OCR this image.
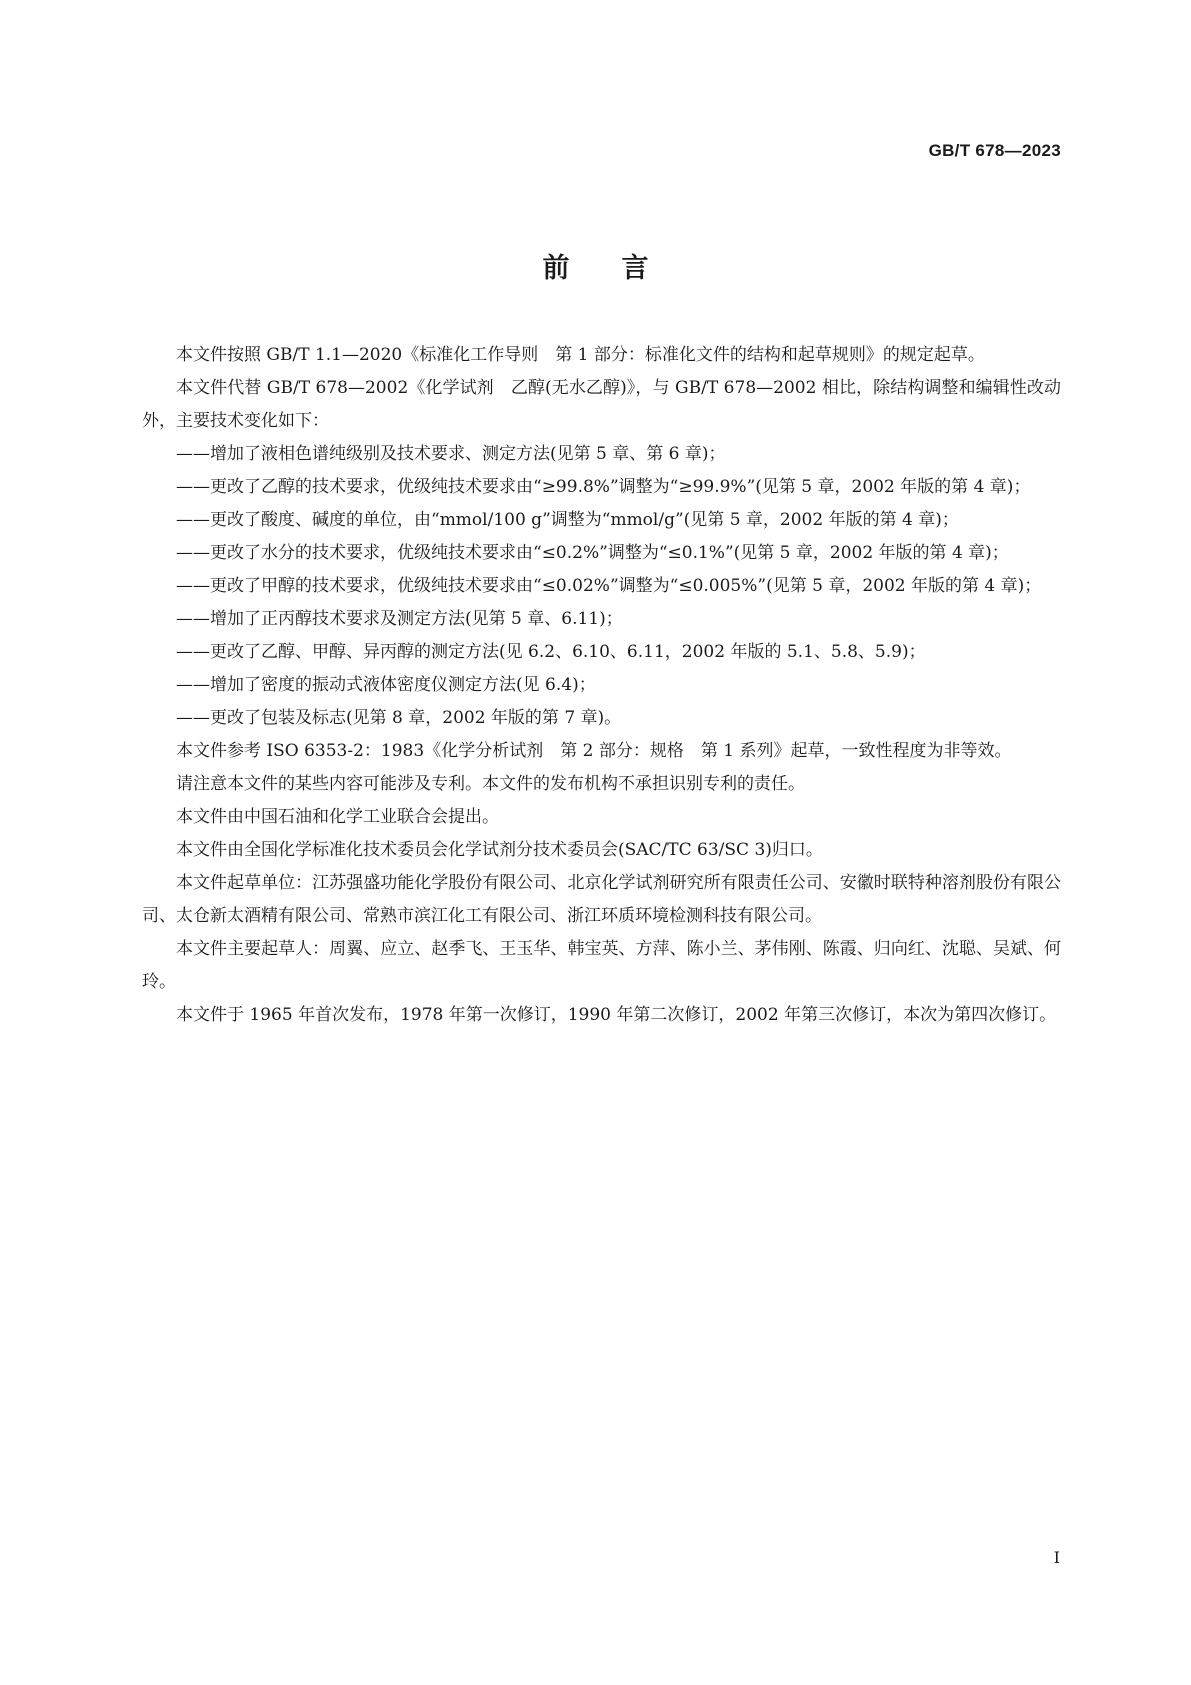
GB/T 678—2023

前言

本文件按照 GB/T 1.1—2020《标准化工作导则　第 1 部分：标准化文件的结构和起草规则》的规定起草。

本文件代替 GB/T 678—2002《化学试剂　乙醇(无水乙醇)》，与 GB/T 678—2002 相比，除结构调整和编辑性改动外，主要技术变化如下：

——增加了液相色谱纯级别及技术要求、测定方法(见第 5 章、第 6 章)；

——更改了乙醇的技术要求，优级纯技术要求由“≥99.8%”调整为“≥99.9%”(见第 5 章，2002 年版的第 4 章)；

——更改了酸度、碱度的单位，由“mmol/100 g”调整为“mmol/g”(见第 5 章，2002 年版的第 4 章)；

——更改了水分的技术要求，优级纯技术要求由“≤0.2%”调整为“≤0.1%”(见第 5 章，2002 年版的第 4 章)；

——更改了甲醇的技术要求，优级纯技术要求由“≤0.02%”调整为“≤0.005%”(见第 5 章，2002 年版的第 4 章)；

——增加了正丙醇技术要求及测定方法(见第 5 章、6.11)；

——更改了乙醇、甲醇、异丙醇的测定方法(见 6.2、6.10、6.11，2002 年版的 5.1、5.8、5.9)；

——增加了密度的振动式液体密度仪测定方法(见 6.4)；

——更改了包装及标志(见第 8 章，2002 年版的第 7 章)。

本文件参考 ISO 6353-2：1983《化学分析试剂　第 2 部分：规格　第 1 系列》起草，一致性程度为非等效。

请注意本文件的某些内容可能涉及专利。本文件的发布机构不承担识别专利的责任。

本文件由中国石油和化学工业联合会提出。

本文件由全国化学标准化技术委员会化学试剂分技术委员会(SAC/TC 63/SC 3)归口。

本文件起草单位：江苏强盛功能化学股份有限公司、北京化学试剂研究所有限责任公司、安徽时联特种溶剂股份有限公司、太仓新太酒精有限公司、常熟市滨江化工有限公司、浙江环质环境检测科技有限公司。

本文件主要起草人：周翼、应立、赵季飞、王玉华、韩宝英、方萍、陈小兰、茅伟刚、陈霞、归向红、沈聪、吴斌、何玲。

本文件于 1965 年首次发布，1978 年第一次修订，1990 年第二次修订，2002 年第三次修订，本次为第四次修订。

I
